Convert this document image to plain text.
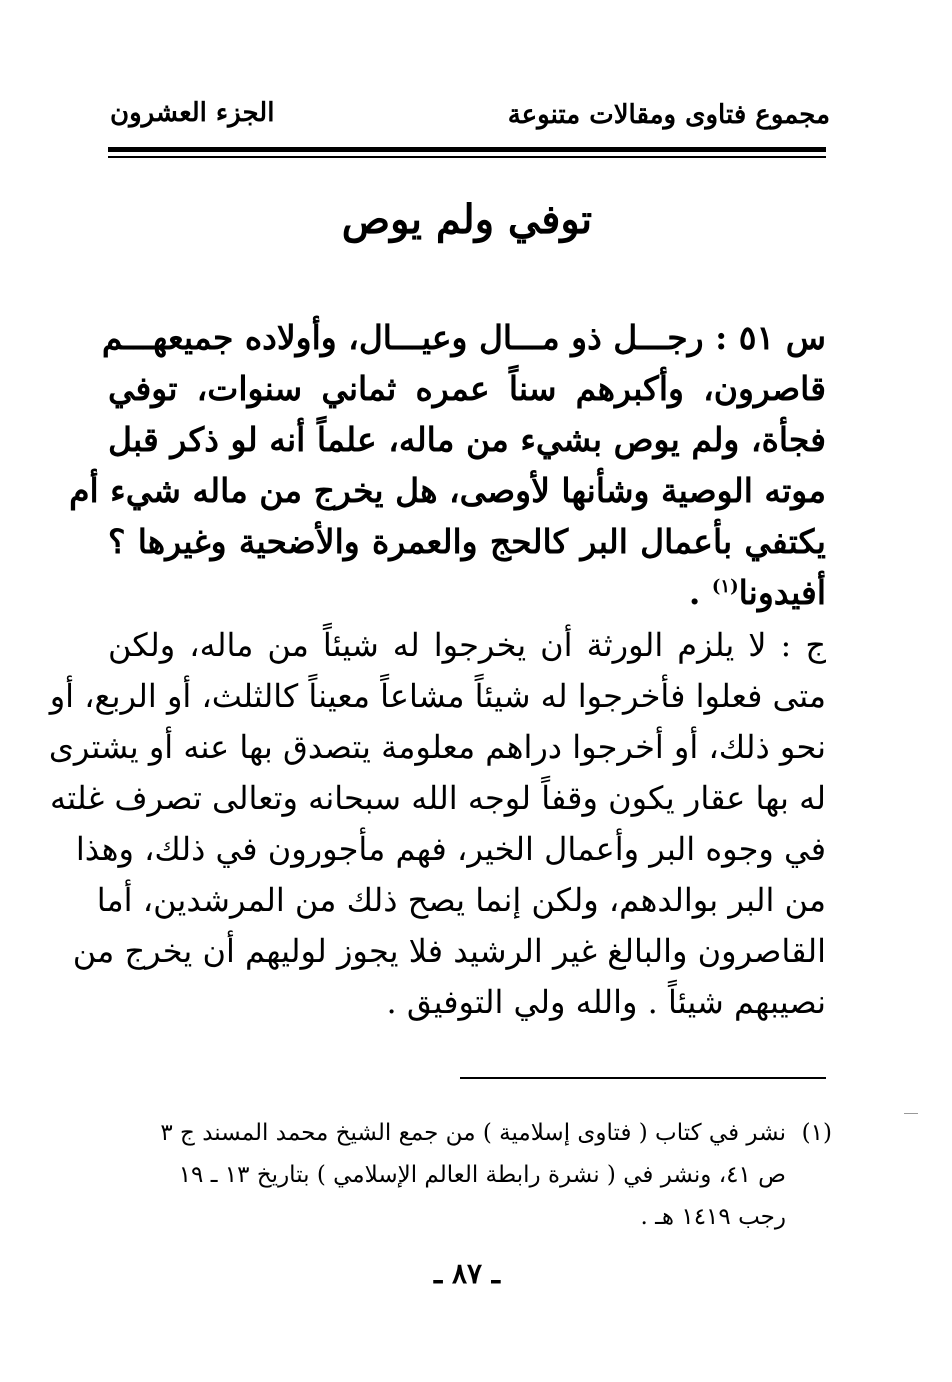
مجموع فتاوى ومقالات متنوعة
الجزء العشرون
توفي ولم يوص
س ٥١ : رجـــل ذو مـــال وعيـــال، وأولاده جميعهـــم
قاصرون، وأكبرهم سناً عمره ثماني سنوات، توفي
فجأة، ولم يوص بشيء من ماله، علماً أنه لو ذكر قبل
موته الوصية وشأنها لأوصى، هل يخرج من ماله شيء أم
يكتفي بأعمال البر كالحج والعمرة والأضحية وغيرها ؟
أفيدونا$^{(١)}$ .
ج : لا يلزم الورثة أن يخرجوا له شيئاً من ماله، ولكن
متى فعلوا فأخرجوا له شيئاً مشاعاً معيناً كالثلث، أو الربع، أو
نحو ذلك، أو أخرجوا دراهم معلومة يتصدق بها عنه أو يشترى
له بها عقار يكون وقفاً لوجه الله سبحانه وتعالى تصرف غلته
في وجوه البر وأعمال الخير، فهم مأجورون في ذلك، وهذا
من البر بوالدهم، ولكن إنما يصح ذلك من المرشدين، أما
القاصرون والبالغ غير الرشيد فلا يجوز لوليهم أن يخرج من
نصيبهم شيئاً . والله ولي التوفيق .
(١)نشر في كتاب ( فتاوى إسلامية ) من جمع الشيخ محمد المسند ج ٣
ص ٤١، ونشر في ( نشرة رابطة العالم الإسلامي ) بتاريخ ١٣ ـ ١٩
رجب ١٤١٩ هـ .
ـ ٨٧ ـ
